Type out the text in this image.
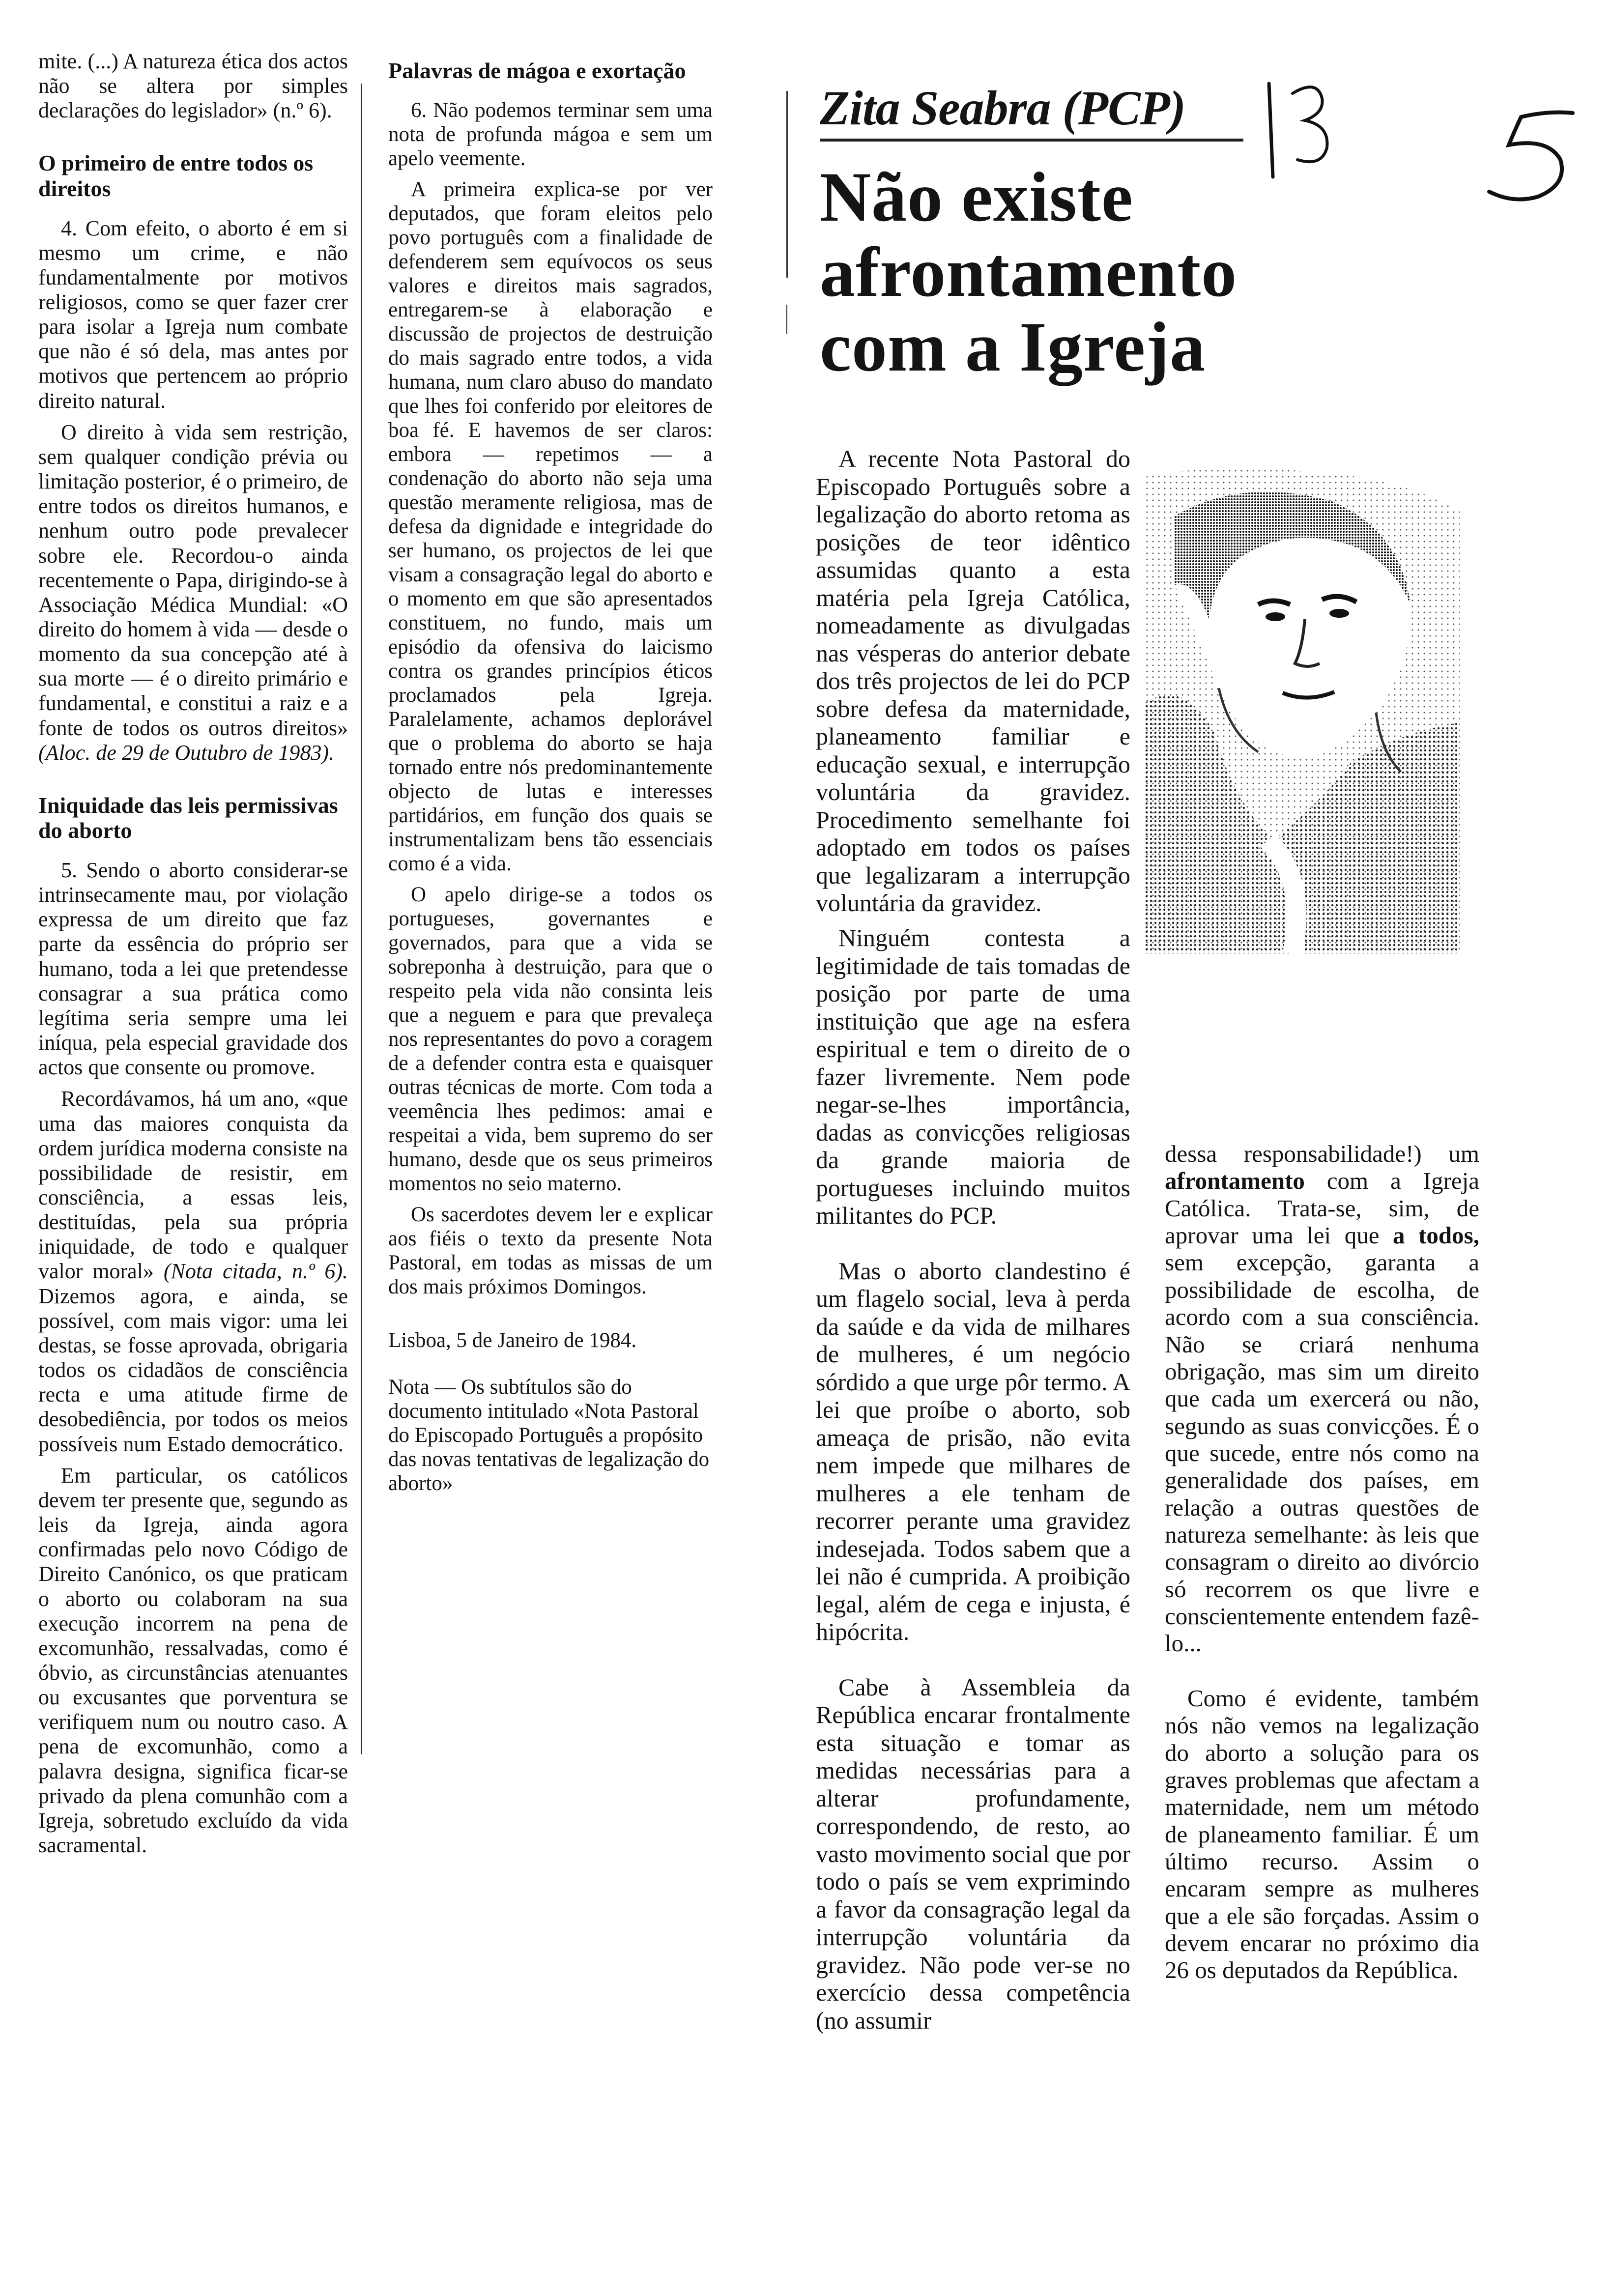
mite. (...) A natureza ética dos actos não se altera por simples declarações do legislador» (n.º 6).

O primeiro de entre todos os direitos

4. Com efeito, o aborto é em si mesmo um crime, e não fundamentalmente por motivos religiosos, como se quer fazer crer para isolar a Igreja num combate que não é só dela, mas antes por motivos que pertencem ao próprio direito natural.

O direito à vida sem restrição, sem qualquer condição prévia ou limitação posterior, é o primeiro, de entre todos os direitos humanos, e nenhum outro pode prevalecer sobre ele. Recordou-o ainda recentemente o Papa, dirigindo-se à Associação Médica Mundial: «O direito do homem à vida — desde o momento da sua concepção até à sua morte — é o direito primário e fundamental, e constitui a raiz e a fonte de todos os outros direitos» (Aloc. de 29 de Outubro de 1983).

Iniquidade das leis permissivas do aborto

5. Sendo o aborto considerar-se intrinsecamente mau, por violação expressa de um direito que faz parte da essência do próprio ser humano, toda a lei que pretendesse consagrar a sua prática como legítima seria sempre uma lei iníqua, pela especial gravidade dos actos que consente ou promove.

Recordávamos, há um ano, «que uma das maiores conquista da ordem jurídica moderna consiste na possibilidade de resistir, em consciência, a essas leis, destituídas, pela sua própria iniquidade, de todo e qualquer valor moral» (Nota citada, n.º 6). Dizemos agora, e ainda, se possível, com mais vigor: uma lei destas, se fosse aprovada, obrigaria todos os cidadãos de consciência recta e uma atitude firme de desobediência, por todos os meios possíveis num Estado democrático.

Em particular, os católicos devem ter presente que, segundo as leis da Igreja, ainda agora confirmadas pelo novo Código de Direito Canónico, os que praticam o aborto ou colaboram na sua execução incorrem na pena de excomunhão, ressalvadas, como é óbvio, as circunstâncias atenuantes ou excusantes que porventura se verifiquem num ou noutro caso. A pena de excomunhão, como a palavra designa, significa ficar-se privado da plena comunhão com a Igreja, sobretudo excluído da vida sacramental.

Palavras de mágoa e exortação

6. Não podemos terminar sem uma nota de profunda mágoa e sem um apelo veemente.

A primeira explica-se por ver deputados, que foram eleitos pelo povo português com a finalidade de defenderem sem equívocos os seus valores e direitos mais sagrados, entregarem-se à elaboração e discussão de projectos de destruição do mais sagrado entre todos, a vida humana, num claro abuso do mandato que lhes foi conferido por eleitores de boa fé. E havemos de ser claros: embora — repetimos — a condenação do aborto não seja uma questão meramente religiosa, mas de defesa da dignidade e integridade do ser humano, os projectos de lei que visam a consagração legal do aborto e o momento em que são apresentados constituem, no fundo, mais um episódio da ofensiva do laicismo contra os grandes princípios éticos proclamados pela Igreja. Paralelamente, achamos deplorável que o problema do aborto se haja tornado entre nós predominantemente objecto de lutas e interesses partidários, em função dos quais se instrumentalizam bens tão essenciais como é a vida.

O apelo dirige-se a todos os portugueses, governantes e governados, para que a vida se sobreponha à destruição, para que o respeito pela vida não consinta leis que a neguem e para que prevaleça nos representantes do povo a coragem de a defender contra esta e quaisquer outras técnicas de morte. Com toda a veemência lhes pedimos: amai e respeitai a vida, bem supremo do ser humano, desde que os seus primeiros momentos no seio materno.

Os sacerdotes devem ler e explicar aos fiéis o texto da presente Nota Pastoral, em todas as missas de um dos mais próximos Domingos.

Lisboa, 5 de Janeiro de 1984.

Nota — Os subtítulos são do documento intitulado «Nota Pastoral do Episcopado Português a propósito das novas tentativas de legalização do aborto»

Zita Seabra (PCP)
Não existe
afrontamento
com a Igreja

A recente Nota Pastoral do Episcopado Português sobre a legalização do aborto retoma as posições de teor idêntico assumidas quanto a esta matéria pela Igreja Católica, nomeadamente as divulgadas nas vésperas do anterior debate dos três projectos de lei do PCP sobre defesa da maternidade, planeamento familiar e educação sexual, e interrupção voluntária da gravidez. Procedimento semelhante foi adoptado em todos os países que legalizaram a interrupção voluntária da gravidez.

Ninguém contesta a legitimidade de tais tomadas de posição por parte de uma instituição que age na esfera espiritual e tem o direito de o fazer livremente. Nem pode negar-se-lhes importância, dadas as convicções religiosas da grande maioria de portugueses incluindo muitos militantes do PCP.

Mas o aborto clandestino é um flagelo social, leva à perda da saúde e da vida de milhares de mulheres, é um negócio sórdido a que urge pôr termo. A lei que proíbe o aborto, sob ameaça de prisão, não evita nem impede que milhares de mulheres a ele tenham de recorrer perante uma gravidez indesejada. Todos sabem que a lei não é cumprida. A proibição legal, além de cega e injusta, é hipócrita.

Cabe à Assembleia da República encarar frontalmente esta situação e tomar as medidas necessárias para a alterar profundamente, correspondendo, de resto, ao vasto movimento social que por todo o país se vem exprimindo a favor da consagração legal da interrupção voluntária da gravidez. Não pode ver-se no exercício dessa competência (no assumir

dessa responsabilidade!) um afrontamento com a Igreja Católica. Trata-se, sim, de aprovar uma lei que a todos, sem excepção, garanta a possibilidade de escolha, de acordo com a sua consciência. Não se criará nenhuma obrigação, mas sim um direito que cada um exercerá ou não, segundo as suas convicções. É o que sucede, entre nós como na generalidade dos países, em relação a outras questões de natureza semelhante: às leis que consagram o direito ao divórcio só recorrem os que livre e conscientemente entendem fazê-lo...

Como é evidente, também nós não vemos na legalização do aborto a solução para os graves problemas que afectam a maternidade, nem um método de planeamento familiar. É um último recurso. Assim o encaram sempre as mulheres que a ele são forçadas. Assim o devem encarar no próximo dia 26 os deputados da República.
